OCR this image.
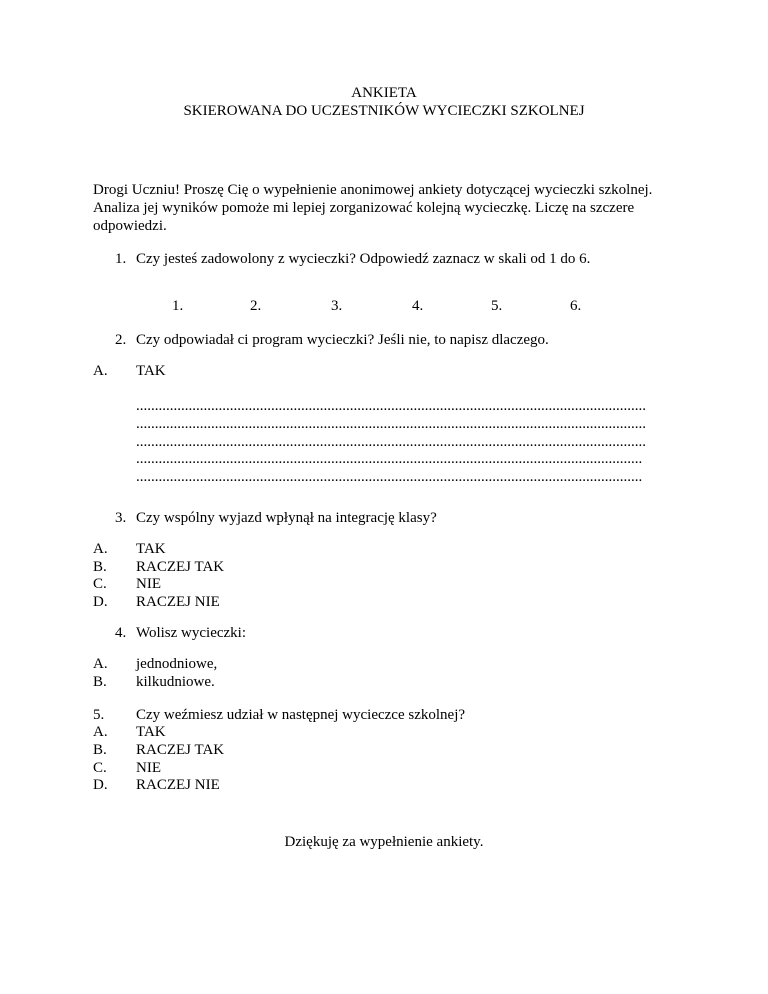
ANKIETA
SKIEROWANA DO UCZESTNIKÓW WYCIECZKI SZKOLNEJ
Drogi Uczniu! Proszę Cię o wypełnienie anonimowej ankiety dotyczącej wycieczki szkolnej.
Analiza jej wyników pomoże mi lepiej zorganizować kolejną wycieczkę. Liczę na szczere
odpowiedzi.
1. Czy jesteś zadowolony z wycieczki? Odpowiedź zaznacz w skali od 1 do 6.
1.	2.	3.	4.	5.	6.
2. Czy odpowiadał ci program wycieczki? Jeśli nie, to napisz dlaczego.
A. TAK
........................................................................................................................................
........................................................................................................................................
........................................................................................................................................
.......................................................................................................................................
.......................................................................................................................................
3. Czy wspólny wyjazd wpłynął na integrację klasy?
A. TAK
B. RACZEJ TAK
C. NIE
D. RACZEJ NIE
4. Wolisz wycieczki:
A. jednodniowe,
B. kilkudniowe.
5. Czy weźmiesz udział w następnej wycieczce szkolnej?
A. TAK
B. RACZEJ TAK
C. NIE
D. RACZEJ NIE
Dziękuję za wypełnienie ankiety.
